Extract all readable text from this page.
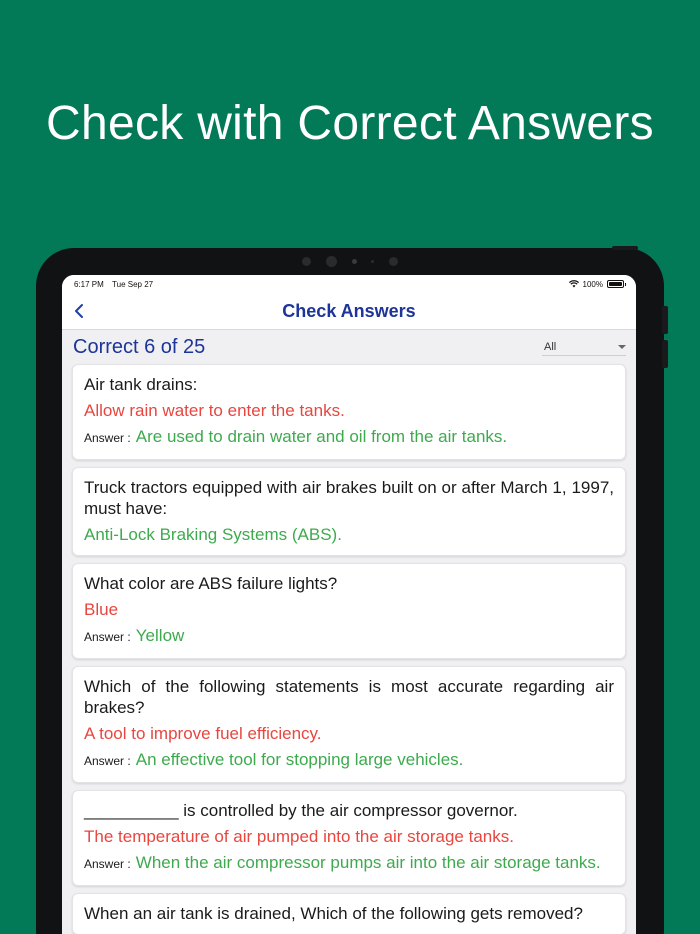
Check with Correct Answers
6:17 PM Tue Sep 27	100%
Check Answers
Correct 6 of 25	All
Air tank drains:
Allow rain water to enter the tanks.
Answer : Are used to drain water and oil from the air tanks.
Truck tractors equipped with air brakes built on or after March 1, 1997, must have:
Anti-Lock Braking Systems (ABS).
What color are ABS failure lights?
Blue
Answer : Yellow
Which of the following statements is most accurate regarding air brakes?
A tool to improve fuel efficiency.
Answer : An effective tool for stopping large vehicles.
__________ is controlled by the air compressor governor.
The temperature of air pumped into the air storage tanks.
Answer : When the air compressor pumps air into the air storage tanks.
When an air tank is drained, Which of the following gets removed?
